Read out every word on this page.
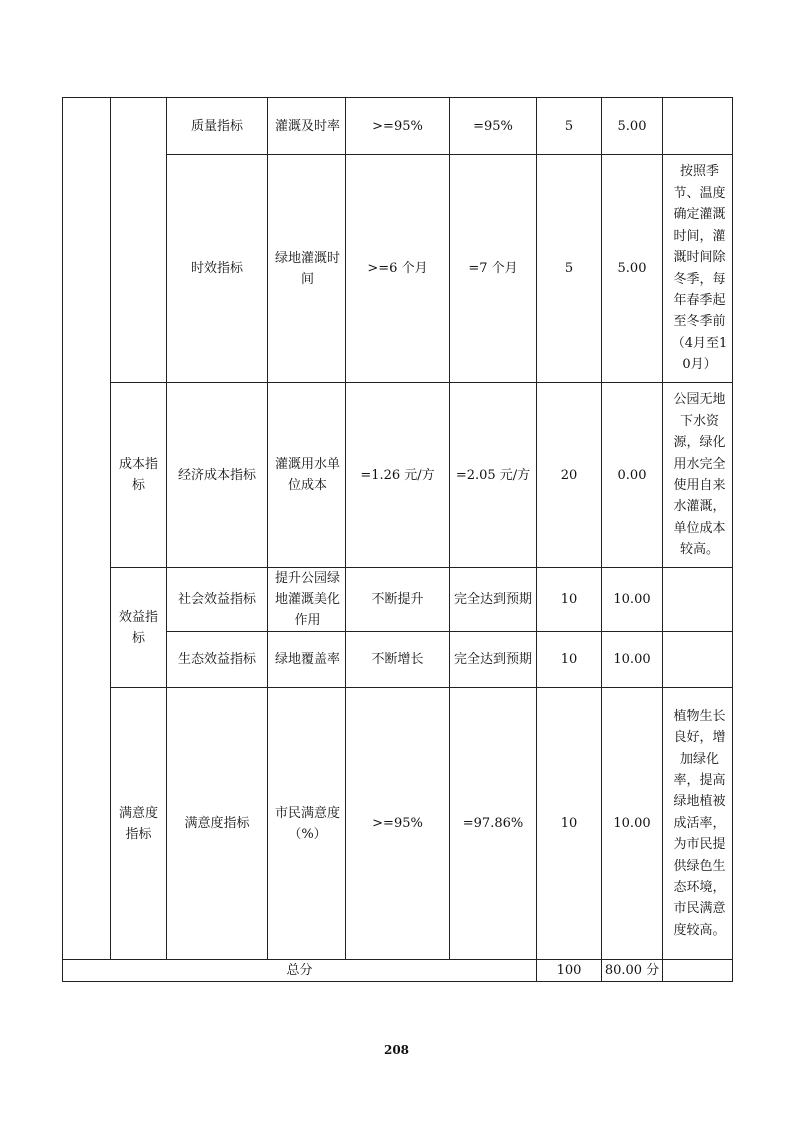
		质量指标	灌溉及时率	>=95%	=95%	5	5.00	

		时效指标	绿地灌溉时间	>=6 个月	=7 个月	5	5.00	按照季节、温度确定灌溉时间，灌溉时间除冬季，每年春季起至冬季前（4月至10月）

	成本指标	经济成本指标	灌溉用水单位成本	=1.26 元/方	=2.05 元/方	20	0.00	公园无地下水资源，绿化用水完全使用自来水灌溉，单位成本较高。

	效益指标	社会效益指标	提升公园绿地灌溉美化作用	不断提升	完全达到预期	10	10.00	

		生态效益指标	绿地覆盖率	不断增长	完全达到预期	10	10.00	

	满意度指标	满意度指标	市民满意度（%）	>=95%	=97.86%	10	10.00	植物生长良好，增加绿化率，提高绿地植被成活率，为市民提供绿色生态环境，市民满意度较高。

总分						100	80.00 分	
208
